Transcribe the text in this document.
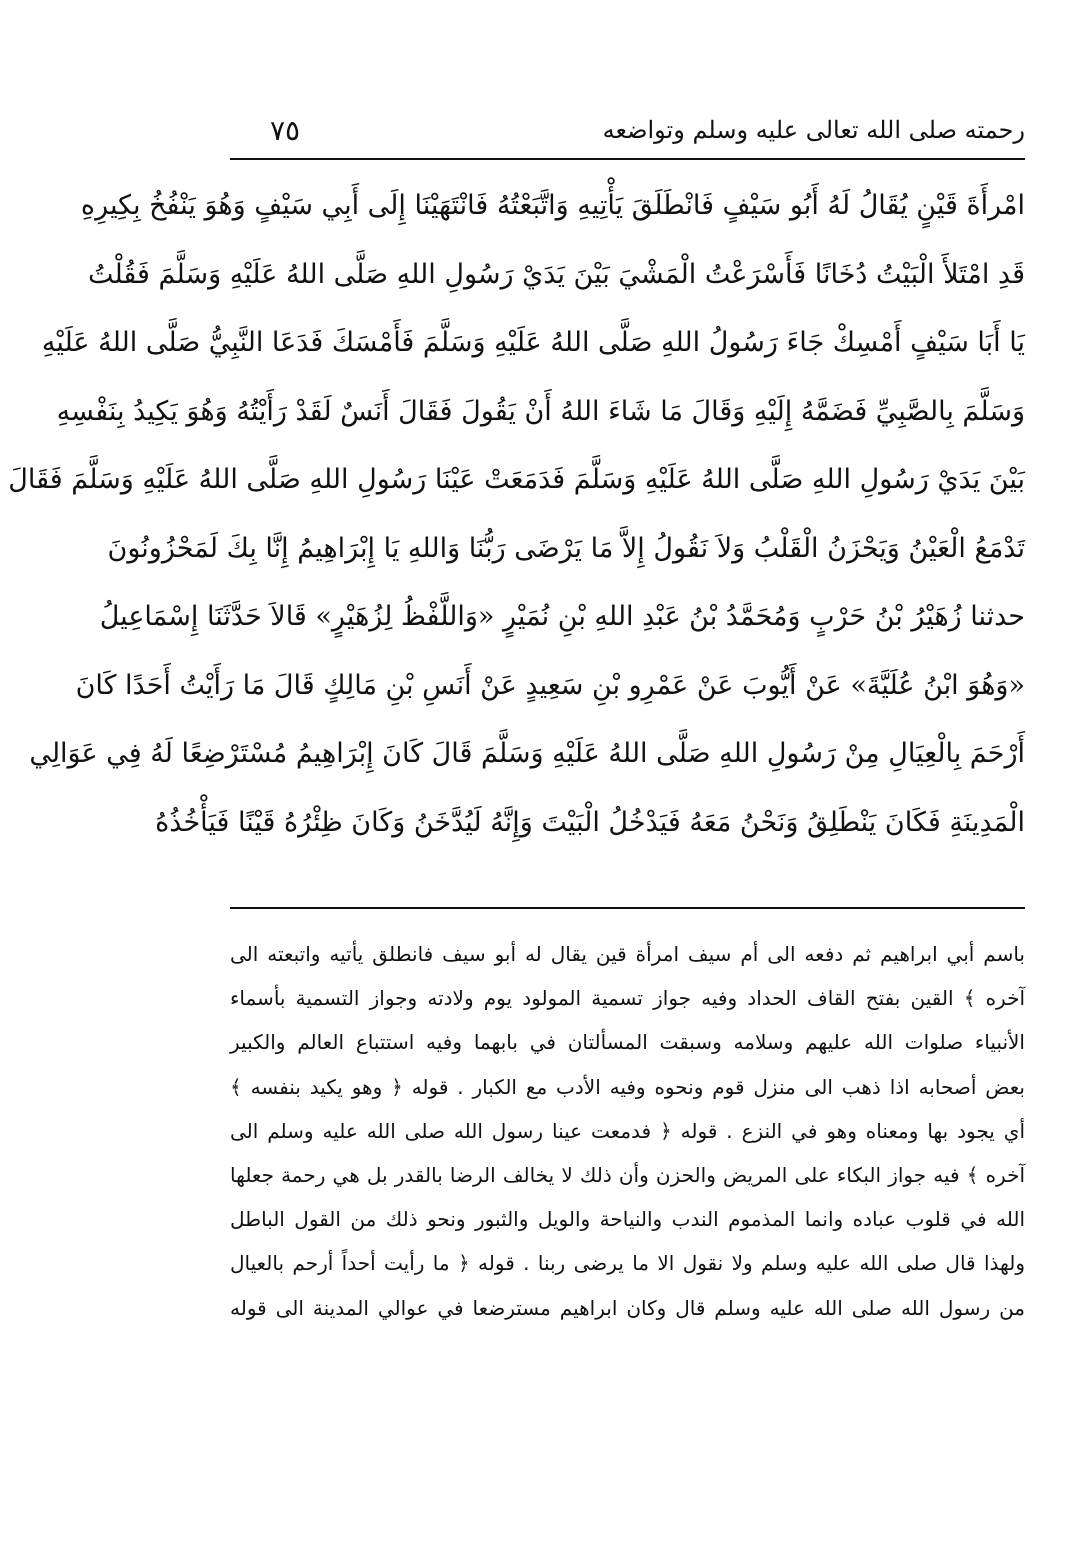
رحمته صلى الله تعالى عليه وسلم وتواضعه
٧٥
امْرأَةَ قَيْنٍ يُقَالُ لَهُ أَبُو سَيْفٍ فَانْطَلَقَ يَأْتِيهِ وَاتَّبَعْتُهُ فَانْتَهَيْنَا إِلَى أَبِي سَيْفٍ وَهُوَ يَنْفُخُ بِكِيرِهِ
قَدِ امْتَلأَ الْبَيْتُ دُخَانًا فَأَسْرَعْتُ الْمَشْيَ بَيْنَ يَدَيْ رَسُولِ اللهِ صَلَّى اللهُ عَلَيْهِ وَسَلَّمَ فَقُلْتُ
يَا أَبَا سَيْفٍ أَمْسِكْ جَاءَ رَسُولُ اللهِ صَلَّى اللهُ عَلَيْهِ وَسَلَّمَ فَأَمْسَكَ فَدَعَا النَّبِيُّ صَلَّى اللهُ عَلَيْهِ
وَسَلَّمَ بِالصَّبِيِّ فَضَمَّهُ إِلَيْهِ وَقَالَ مَا شَاءَ اللهُ أَنْ يَقُولَ فَقَالَ أَنَسٌ لَقَدْ رَأَيْتُهُ وَهُوَ يَكِيدُ بِنَفْسِهِ
بَيْنَ يَدَيْ رَسُولِ اللهِ صَلَّى اللهُ عَلَيْهِ وَسَلَّمَ فَدَمَعَتْ عَيْنَا رَسُولِ اللهِ صَلَّى اللهُ عَلَيْهِ وَسَلَّمَ فَقَالَ
تَدْمَعُ الْعَيْنُ وَيَحْزَنُ الْقَلْبُ وَلاَ نَقُولُ إِلاَّ مَا يَرْضَى رَبُّنَا وَاللهِ يَا إِبْرَاهِيمُ إِنَّا بِكَ لَمَحْزُونُونَ
حدثنا زُهَيْرُ بْنُ حَرْبٍ وَمُحَمَّدُ بْنُ عَبْدِ اللهِ بْنِ نُمَيْرٍ «وَاللَّفْظُ لِزُهَيْرٍ» قَالاَ حَدَّثَنَا إِسْمَاعِيلُ
«وَهُوَ ابْنُ عُلَيَّةَ» عَنْ أَيُّوبَ عَنْ عَمْرِو بْنِ سَعِيدٍ عَنْ أَنَسِ بْنِ مَالِكٍ قَالَ مَا رَأَيْتُ أَحَدًا كَانَ
أَرْحَمَ بِالْعِيَالِ مِنْ رَسُولِ اللهِ صَلَّى اللهُ عَلَيْهِ وَسَلَّمَ قَالَ كَانَ إِبْرَاهِيمُ مُسْتَرْضِعًا لَهُ فِي عَوَالِي
الْمَدِينَةِ فَكَانَ يَنْطَلِقُ وَنَحْنُ مَعَهُ فَيَدْخُلُ الْبَيْتَ وَإِنَّهُ لَيُدَّخَنُ وَكَانَ ظِئْرُهُ قَيْنًا فَيَأْخُذُهُ
باسم أبي ابراهيم ثم دفعه الى أم سيف امرأة قين يقال له أبو سيف فانطلق يأتيه واتبعته الى
آخره ﴾ القين بفتح القاف الحداد وفيه جواز تسمية المولود يوم ولادته وجواز التسمية بأسماء
الأنبياء صلوات الله عليهم وسلامه وسبقت المسألتان في بابهما وفيه استتباع العالم والكبير
بعض أصحابه اذا ذهب الى منزل قوم ونحوه وفيه الأدب مع الكبار . قوله ﴿ وهو يكيد بنفسه ﴾
أي يجود بها ومعناه وهو في النزع . قوله ﴿ فدمعت عينا رسول الله صلى الله عليه وسلم الى
آخره ﴾ فيه جواز البكاء على المريض والحزن وأن ذلك لا يخالف الرضا بالقدر بل هي رحمة جعلها
الله في قلوب عباده وانما المذموم الندب والنياحة والويل والثبور ونحو ذلك من القول الباطل
ولهذا قال صلى الله عليه وسلم ولا نقول الا ما يرضى ربنا . قوله ﴿ ما رأيت أحداً أرحم بالعيال
من رسول الله صلى الله عليه وسلم قال وكان ابراهيم مسترضعا في عوالي المدينة الى قوله
